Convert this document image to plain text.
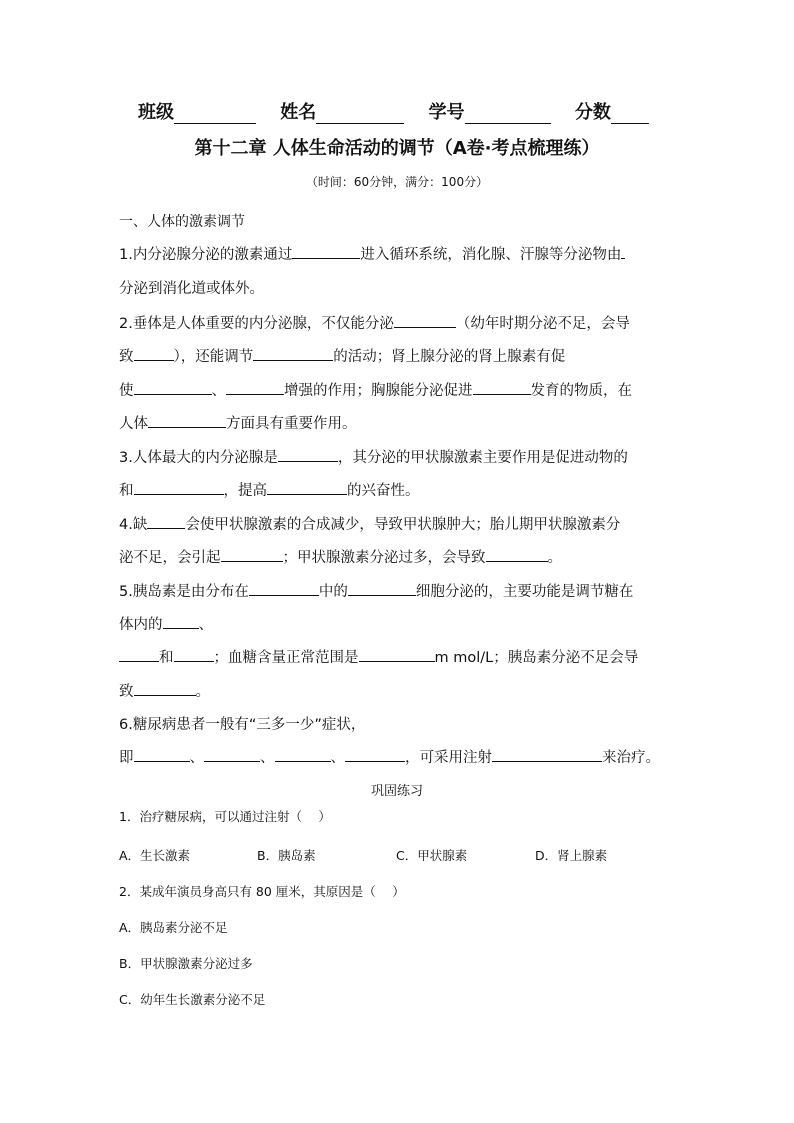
班级	姓名	学号	分数
第十二章 人体生命活动的调节（A卷·考点梳理练）
（时间：60分钟，满分：100分）
一、人体的激素调节
1.内分泌腺分泌的激素通过	进入循环系统，消化腺、汗腺等分泌物由
分泌到消化道或体外。
2.垂体是人体重要的内分泌腺，不仅能分泌	（幼年时期分泌不足，会导
致	），还能调节	的活动；肾上腺分泌的肾上腺素有促
使	、	增强的作用；胸腺能分泌促进	发育的物质，在
人体	方面具有重要作用。
3.人体最大的内分泌腺是	，其分泌的甲状腺激素主要作用是促进动物的
和	，提高	的兴奋性。
4.缺	会使甲状腺激素的合成减少，导致甲状腺肿大；胎儿期甲状腺激素分
泌不足，会引起	；甲状腺激素分泌过多，会导致	。
5.胰岛素是由分布在	中的	细胞分泌的，主要功能是调节糖在
体内的 、
和	；血糖含量正常范围是	m mol/L；胰岛素分泌不足会导
致	。
6.糖尿病患者一般有“三多一少”症状，
即	、	、	、	，可采用注射	来治疗。
巩固练习
1．治疗糖尿病，可以通过注射（　 ）
A．生长激素	B．胰岛素	C．甲状腺素	D．肾上腺素
2．某成年演员身高只有 80 厘米，其原因是（　 ）
A．胰岛素分泌不足
B．甲状腺激素分泌过多
C．幼年生长激素分泌不足
